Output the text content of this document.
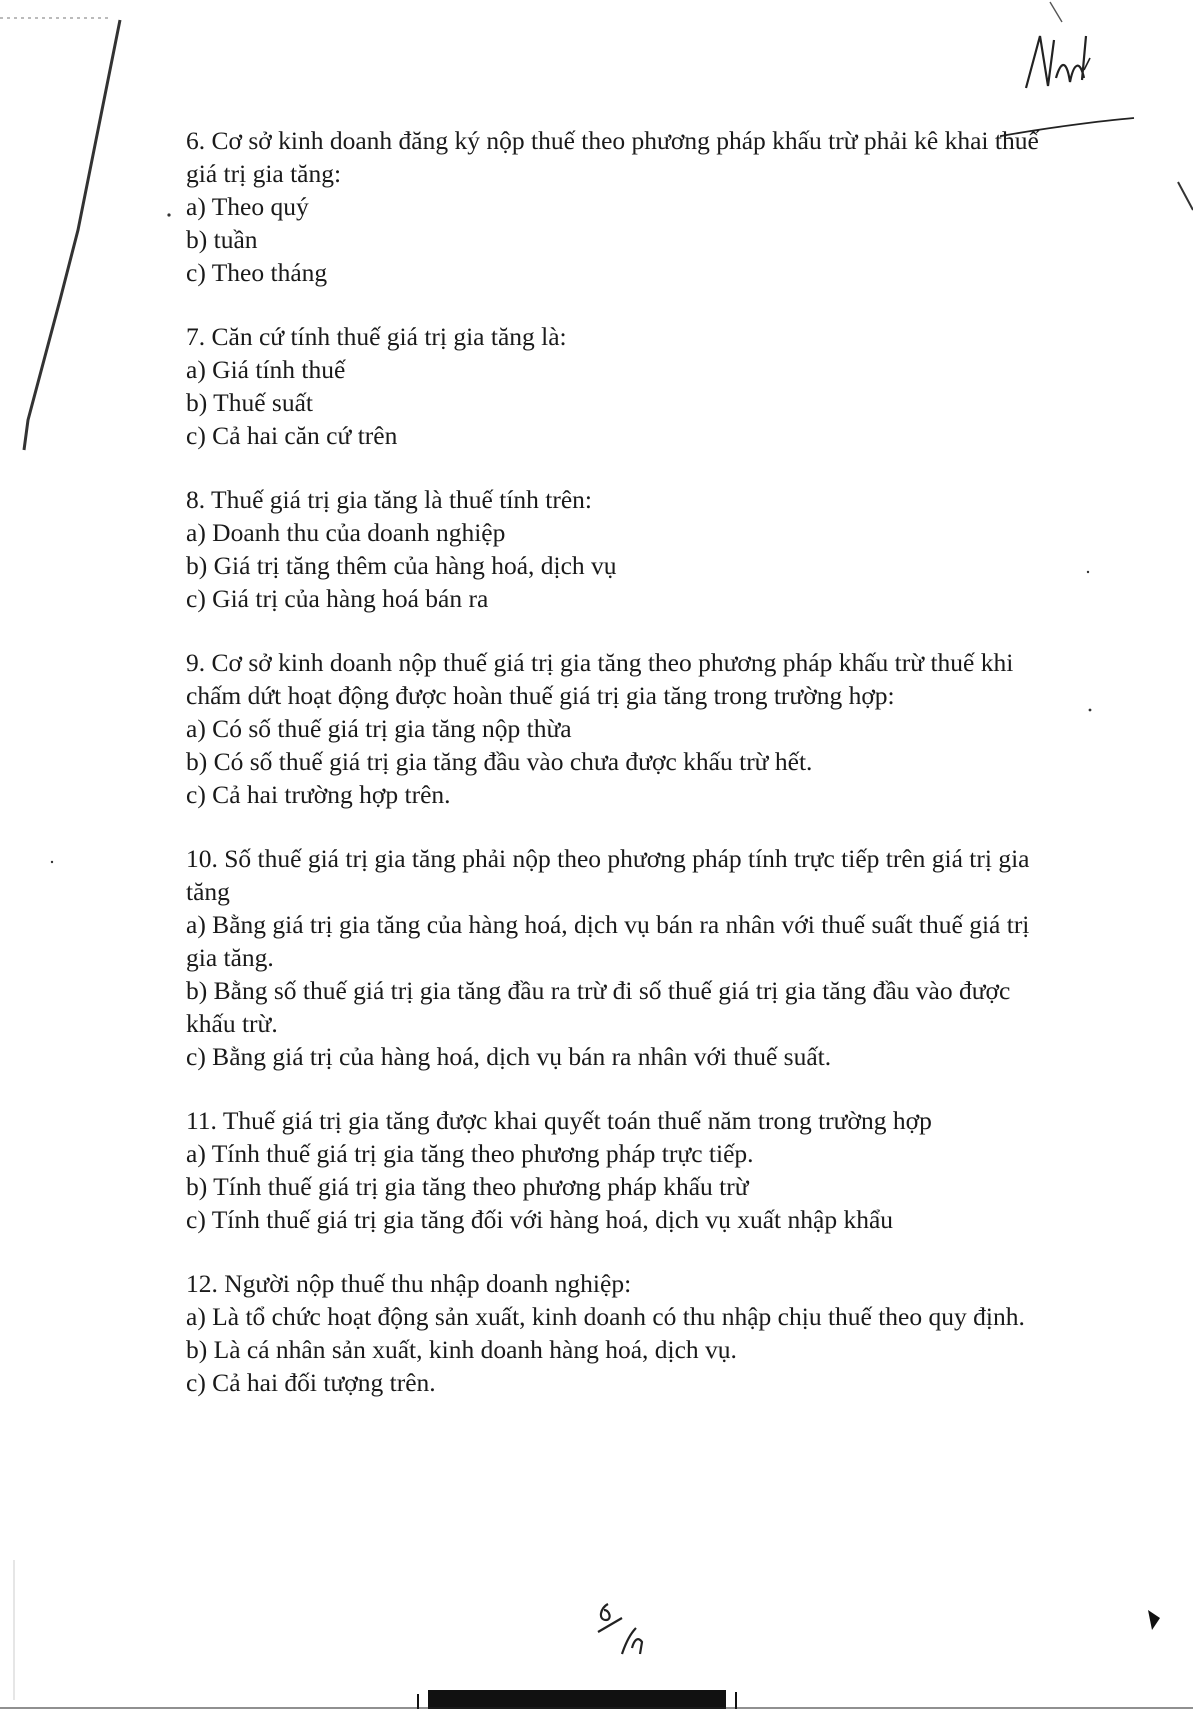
6. Cơ sở kinh doanh đăng ký nộp thuế theo phương pháp khấu trừ phải kê khai thuế giá trị gia tăng:
a) Theo quý
b) tuần
c) Theo tháng
7. Căn cứ tính thuế giá trị gia tăng là:
a) Giá tính thuế
b) Thuế suất
c) Cả hai căn cứ trên
8. Thuế giá trị gia tăng là thuế tính trên:
a) Doanh thu của doanh nghiệp
b) Giá trị tăng thêm của hàng hoá, dịch vụ
c) Giá trị của hàng hoá bán ra
9. Cơ sở kinh doanh nộp thuế giá trị gia tăng theo phương pháp khấu trừ thuế khi chấm dứt hoạt động được hoàn thuế giá trị gia tăng trong trường hợp:
a) Có số thuế giá trị gia tăng nộp thừa
b) Có số thuế giá trị gia tăng đầu vào chưa được khấu trừ hết.
c) Cả hai trường hợp trên.
10. Số thuế giá trị gia tăng phải nộp theo phương pháp tính trực tiếp trên giá trị gia tăng
a) Bằng giá trị gia tăng của hàng hoá, dịch vụ bán ra nhân với thuế suất thuế giá trị gia tăng.
b) Bằng số thuế giá trị gia tăng đầu ra trừ đi số thuế giá trị gia tăng đầu vào được khấu trừ.
c) Bằng giá trị của hàng hoá, dịch vụ bán ra nhân với thuế suất.
11. Thuế giá trị gia tăng được khai quyết toán thuế năm trong trường hợp
a) Tính thuế giá trị gia tăng theo phương pháp trực tiếp.
b) Tính thuế giá trị gia tăng theo phương pháp khấu trừ
c) Tính thuế giá trị gia tăng đối với hàng hoá, dịch vụ xuất nhập khẩu
12. Người nộp thuế thu nhập doanh nghiệp:
a) Là tổ chức hoạt động sản xuất, kinh doanh có thu nhập chịu thuế theo quy định.
b) Là cá nhân sản xuất, kinh doanh hàng hoá, dịch vụ.
c) Cả hai đối tượng trên.
